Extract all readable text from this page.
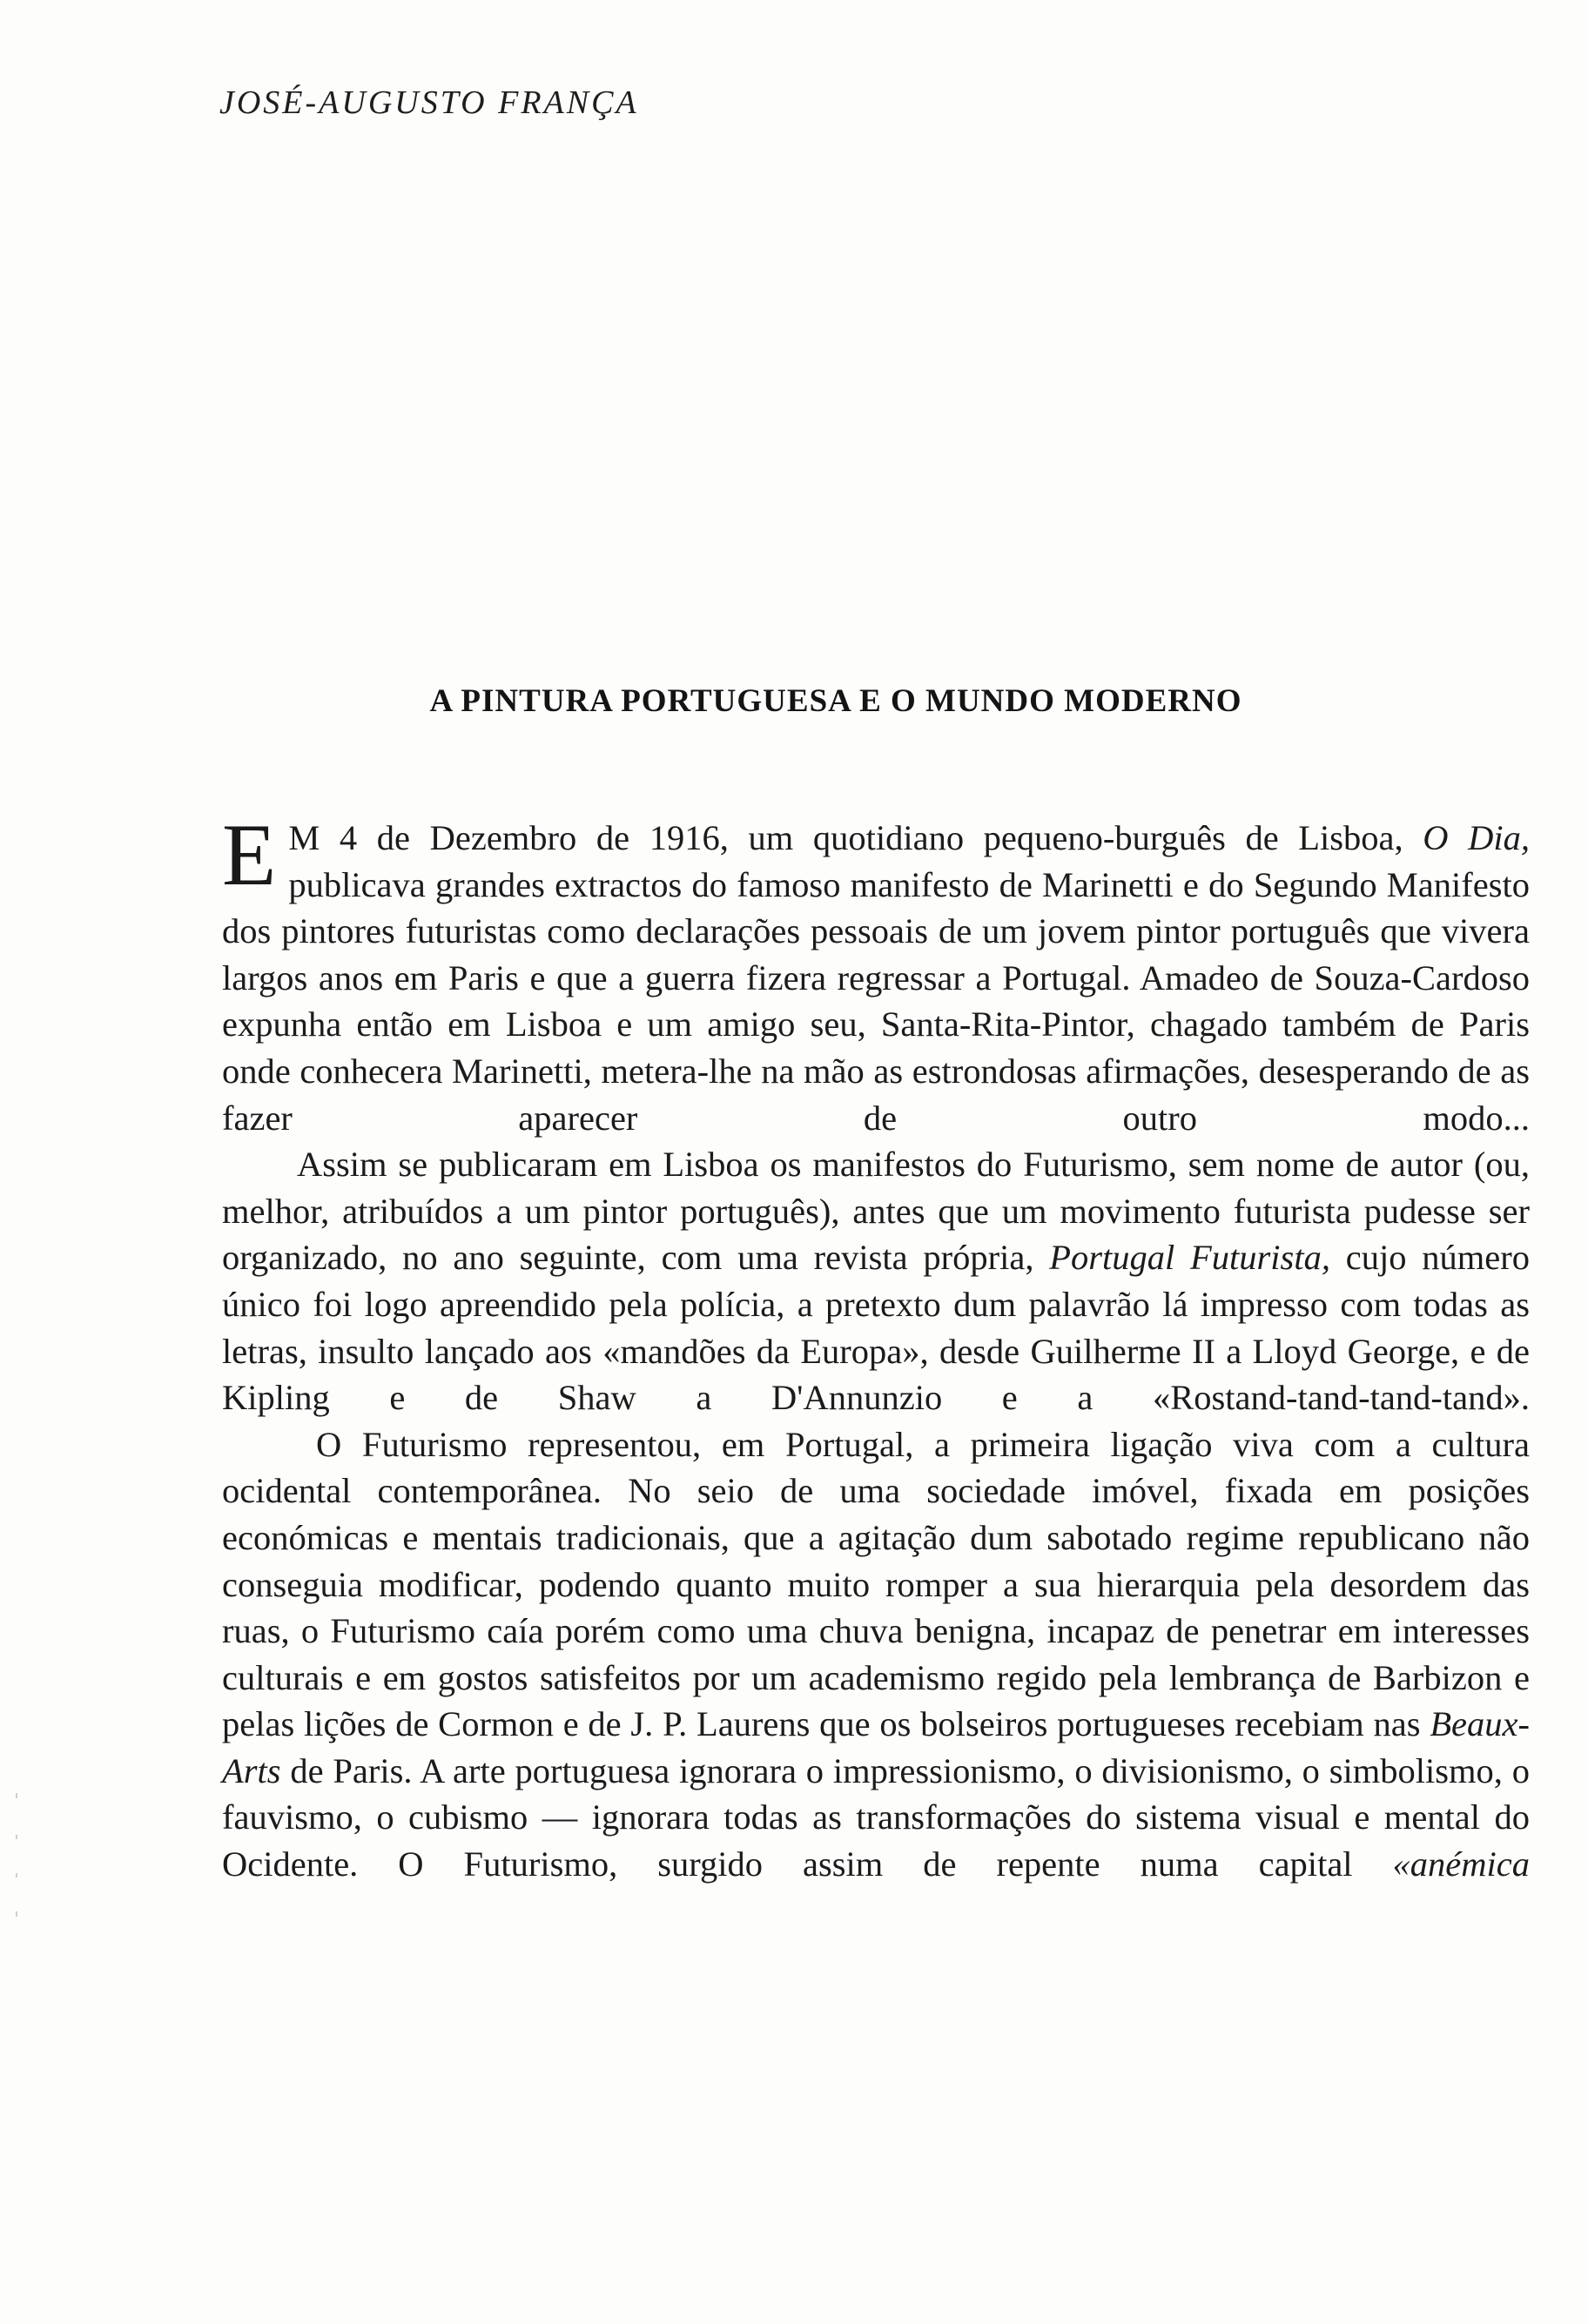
JOSÉ-AUGUSTO FRANÇA
A PINTURA PORTUGUESA E O MUNDO MODERNO

E M 4 de Dezembro de 1916, um quotidiano pequeno-burguês de Lisboa, O Dia, publicava grandes extractos do famoso manifesto de Marinetti e do Segundo Manifesto dos pintores futuristas como declarações pessoais de um jovem pintor português que vivera largos anos em Paris e que a guerra fizera regressar a Portugal. Amadeo de Souza-Cardoso expunha então em Lisboa e um amigo seu, Santa-Rita-Pintor, chagado também de Paris onde conhecera Marinetti, metera-lhe na mão as estrondosas afirmações, desesperando de as fazer aparecer de outro modo...

Assim se publicaram em Lisboa os manifestos do Futurismo, sem nome de autor (ou, melhor, atribuídos a um pintor português), antes que um movimento futurista pudesse ser organizado, no ano seguinte, com uma revista própria, Portugal Futurista, cujo número único foi logo apreendido pela polícia, a pretexto dum palavrão lá impresso com todas as letras, insulto lançado aos «mandões da Europa», desde Guilherme II a Lloyd George, e de Kipling e de Shaw a D'Annunzio e a «Rostand-tand-tand-tand».

O Futurismo representou, em Portugal, a primeira ligação viva com a cultura ocidental contemporânea. No seio de uma sociedade imóvel, fixada em posições económicas e mentais tradicionais, que a agitação dum sabotado regime republicano não conseguia modificar, podendo quanto muito romper a sua hierarquia pela desordem das ruas, o Futurismo caía porém como uma chuva benigna, incapaz de penetrar em interesses culturais e em gostos satisfeitos por um academismo regido pela lembrança de Barbizon e pelas lições de Cormon e de J. P. Laurens que os bolseiros portugueses recebiam nas Beaux-Arts de Paris. A arte portuguesa ignorara o impressionismo, o divisionismo, o simbolismo, o fauvismo, o cubismo — ignorara todas as transformações do sistema visual e mental do Ocidente. O Futurismo, surgido assim de repente numa capital «anémica
